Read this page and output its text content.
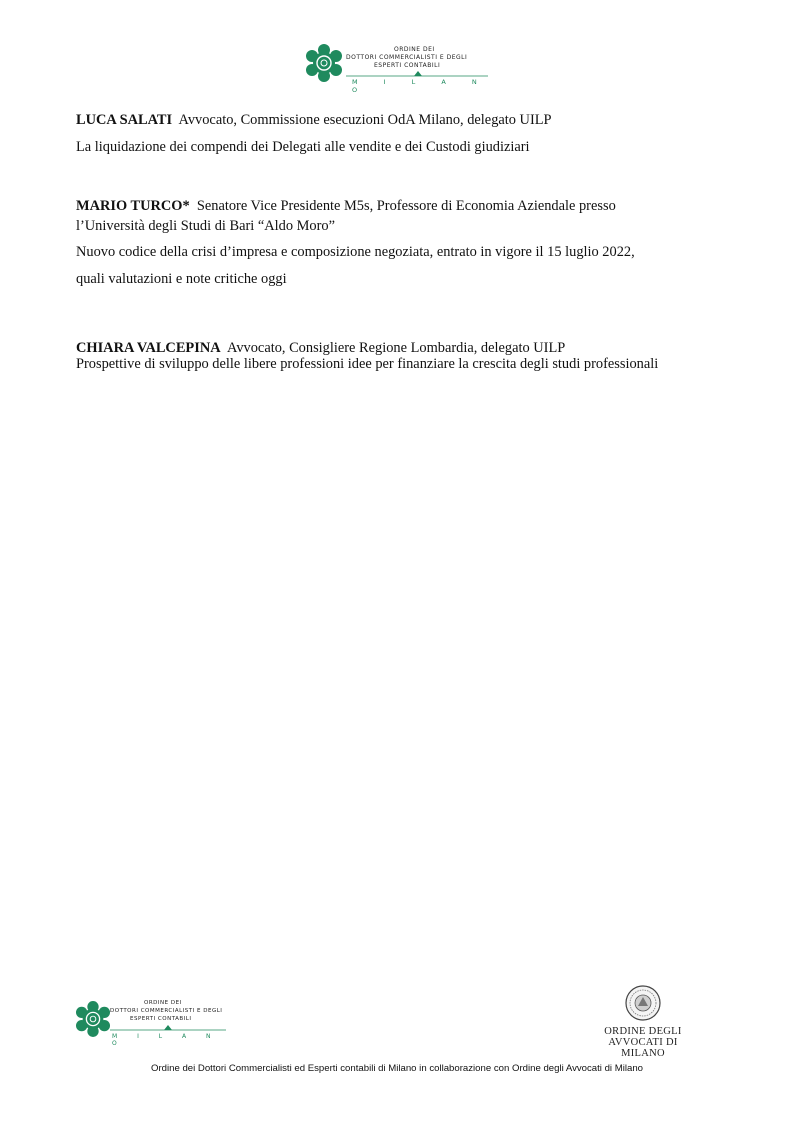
ORDINE DEI
DOTTORI COMMERCIALISTI E DEGLI
ESPERTI CONTABILI
M I L A N O

LUCA SALATI Avvocato, Commissione esecuzioni OdA Milano, delegato UILP

La liquidazione dei compendi dei Delegati alle vendite e dei Custodi giudiziari

MARIO TURCO* Senatore Vice Presidente M5s, Professore di Economia Aziendale presso

l’Università degli Studi di Bari “Aldo Moro”

Nuovo codice della crisi d’impresa e composizione negoziata, entrato in vigore il 15 luglio 2022,

quali valutazioni e note critiche oggi

CHIARA VALCEPINA Avvocato, Consigliere Regione Lombardia, delegato UILP

Prospettive di sviluppo delle libere professioni idee per finanziare la crescita degli studi professionali

ORDINE DEI
DOTTORI COMMERCIALISTI E DEGLI
ESPERTI CONTABILI
M I L A N O
ORDINE DEGLI
AVVOCATI DI MILANO
Ordine dei Dottori Commercialisti ed Esperti contabili di Milano in collaborazione con Ordine degli Avvocati di Milano
